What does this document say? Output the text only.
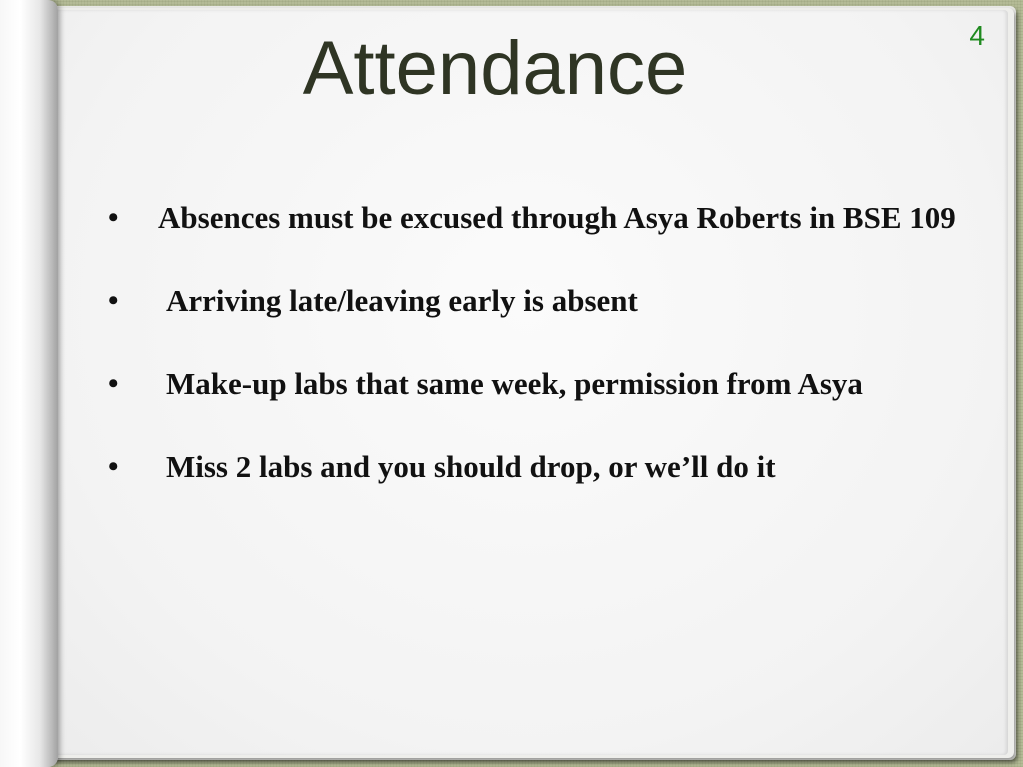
Attendance	4
• Absences must be excused through Asya Roberts in BSE 109
• Arriving late/leaving early is absent
• Make-up labs that same week, permission from Asya
• Miss 2 labs and you should drop, or we’ll do it
